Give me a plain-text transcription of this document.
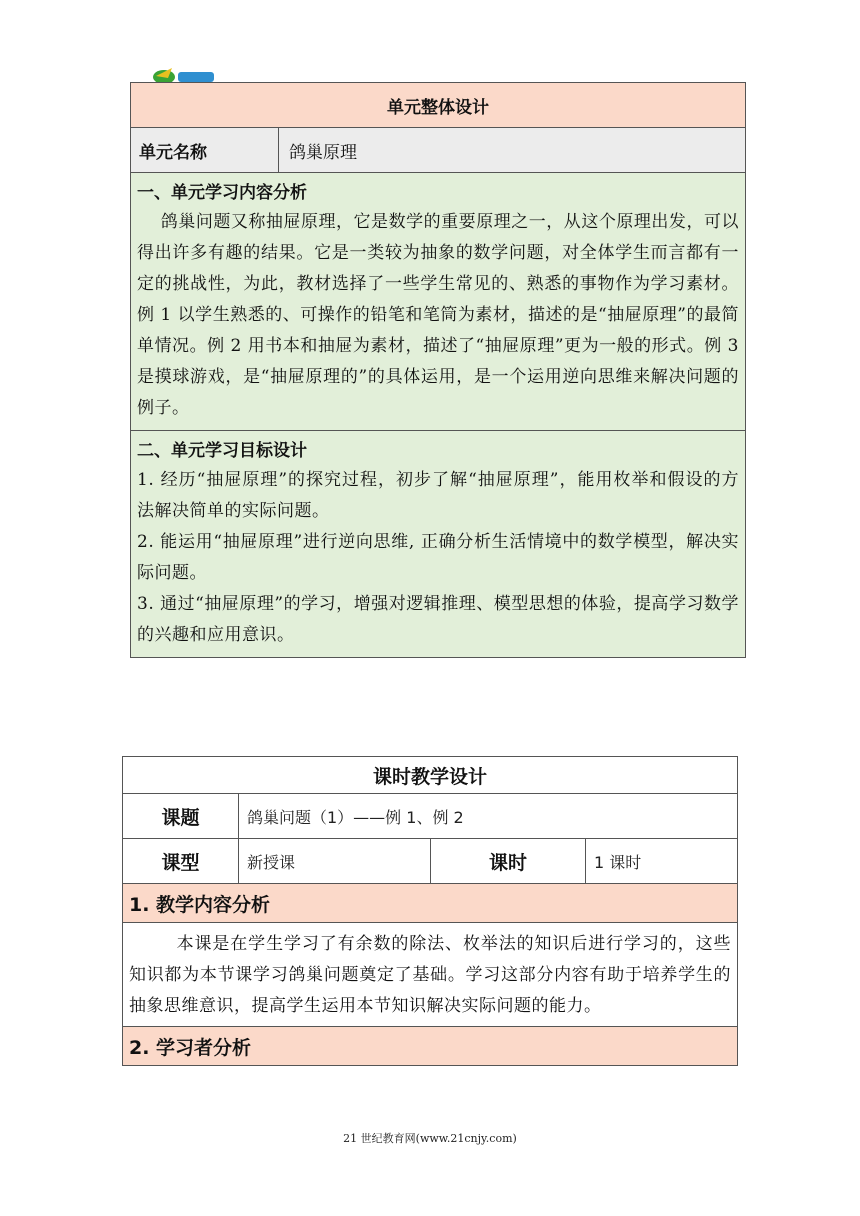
单元整体设计
单元名称	鸽巢原理

一、单元学习内容分析
鸽巢问题又称抽屉原理，它是数学的重要原理之一，从这个原理出发，可以得出许多有趣的结果。它是一类较为抽象的数学问题，对全体学生而言都有一定的挑战性，为此，教材选择了一些学生常见的、熟悉的事物作为学习素材。例 1 以学生熟悉的、可操作的铅笔和笔筒为素材，描述的是“抽屉原理”的最简单情况。例 2 用书本和抽屉为素材，描述了“抽屉原理”更为一般的形式。例 3 是摸球游戏，是“抽屉原理的”的具体运用，是一个运用逆向思维来解决问题的例子。

二、单元学习目标设计
1. 经历“抽屉原理”的探究过程，初步了解“抽屉原理”，能用枚举和假设的方法解决简单的实际问题。
2. 能运用“抽屉原理”进行逆向思维, 正确分析生活情境中的数学模型，解决实际问题。
3. 通过“抽屉原理”的学习，增强对逻辑推理、模型思想的体验，提高学习数学的兴趣和应用意识。
课时教学设计			
课题	鸽巢问题（1）——例 1、例 2		
课型	新授课	课时	1 课时
1. 教学内容分析			

本课是在学生学习了有余数的除法、枚举法的知识后进行学习的，这些知识都为本节课学习鸽巢问题奠定了基础。学习这部分内容有助于培养学生的抽象思维意识，提高学生运用本节知识解决实际问题的能力。			

2. 学习者分析			
21 世纪教育网(www.21cnjy.com)
